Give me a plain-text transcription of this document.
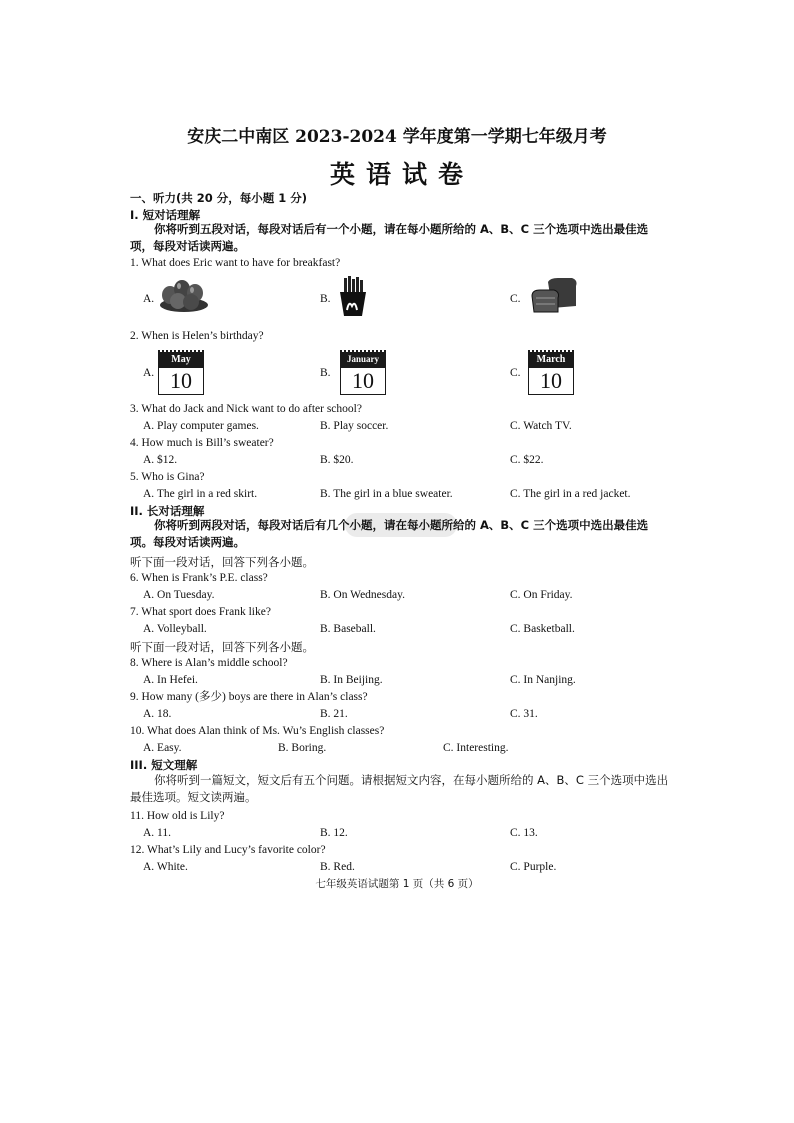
安庆二中南区 2023-2024 学年度第一学期七年级月考
英语试卷
一、听力(共 20 分，每小题 1 分)
I. 短对话理解
你将听到五段对话，每段对话后有一个小题，请在每小题所给的 A、B、C 三个选项中选出最佳选项，每段对话读两遍。
1. What does Eric want to have for breakfast?
A.	B.	C.
2. When is Helen’s birthday?
A.
May
10	B.
January
10	C.
March
10
3. What do Jack and Nick want to do after school?
A. Play computer games.	B. Play soccer.	C. Watch TV.
4. How much is Bill’s sweater?
A. $12.	B. $20.	C. $22.
5. Who is Gina?
A. The girl in a red skirt.	B. The girl in a blue sweater.	C. The girl in a red jacket.
II. 长对话理解
你将听到两段对话，每段对话后有几个小题，请在每小题所给的 A、B、C 三个选项中选出最佳选项。每段对话读两遍。
听下面一段对话，回答下列各小题。
6. When is Frank’s P.E. class?
A. On Tuesday.	B. On Wednesday.	C. On Friday.
7. What sport does Frank like?
A. Volleyball.	B. Baseball.	C. Basketball.
听下面一段对话，回答下列各小题。
8. Where is Alan’s middle school?
A. In Hefei.	B. In Beijing.	C. In Nanjing.
9. How many (多少) boys are there in Alan’s class?
A. 18.	B. 21.	C. 31.
10. What does Alan think of Ms. Wu’s English classes?
A. Easy.	B. Boring.	C. Interesting.
III. 短文理解
你将听到一篇短文，短文后有五个问题。请根据短文内容，在每小题所给的 A、B、C 三个选项中选出最佳选项。短文读两遍。
11. How old is Lily?
A. 11.	B. 12.	C. 13.
12. What’s Lily and Lucy’s favorite color?
A. White.	B. Red.	C. Purple.
七年级英语试题第 1 页（共 6 页）
